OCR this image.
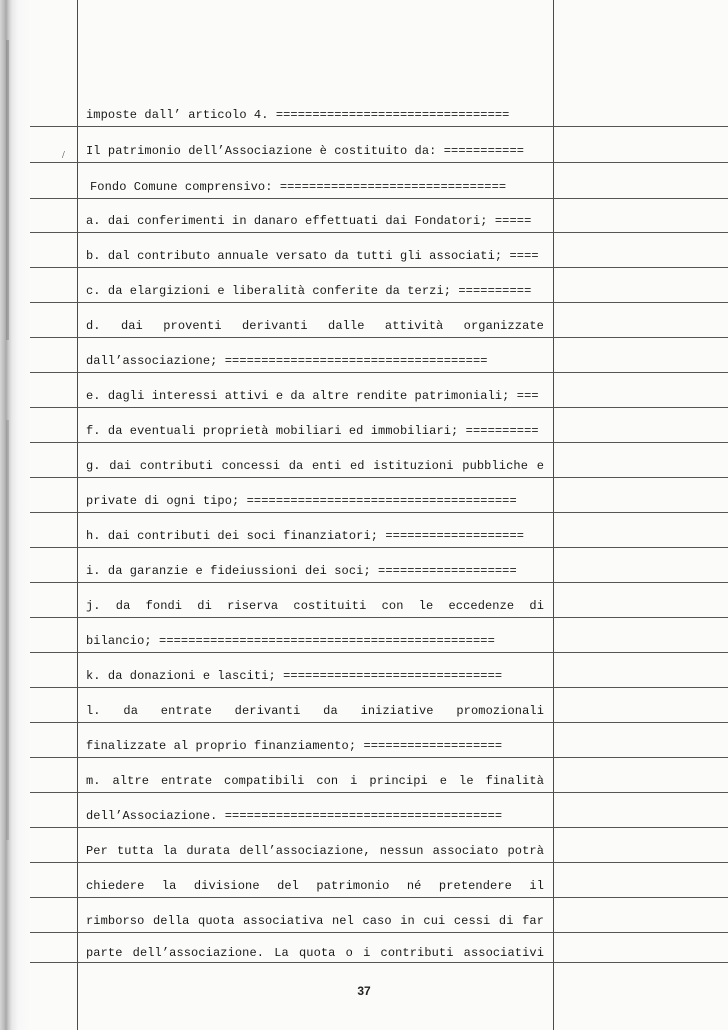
/
imposte dall’ articolo 4. ================================
Il patrimonio dell’Associazione è costituito da: ===========
Fondo Comune comprensivo: ===============================
a. dai conferimenti in danaro effettuati dai Fondatori; =====
b. dal contributo annuale versato da tutti gli associati; ====
c. da elargizioni e liberalità conferite da terzi; ==========
d. dai proventi derivanti dalle attività organizzate
dall’associazione; ====================================
e. dagli interessi attivi e da altre rendite patrimoniali; ===
f. da eventuali proprietà mobiliari ed immobiliari; ==========
g. dai contributi concessi da enti ed istituzioni pubbliche e
private di ogni tipo; =====================================
h. dai contributi dei soci finanziatori; ===================
i. da garanzie e fideiussioni dei soci; ===================
j. da fondi di riserva costituiti con le eccedenze di
bilancio; ==============================================
k. da donazioni e lasciti; ==============================
l. da entrate derivanti da iniziative promozionali
finalizzate al proprio finanziamento; ===================
m. altre entrate compatibili con i principi e le finalità
dell’Associazione. ======================================
Per tutta la durata dell’associazione, nessun associato potrà
chiedere la divisione del patrimonio né pretendere il
rimborso della quota associativa nel caso in cui cessi di far
parte dell’associazione. La quota o i contributi associativi
37
